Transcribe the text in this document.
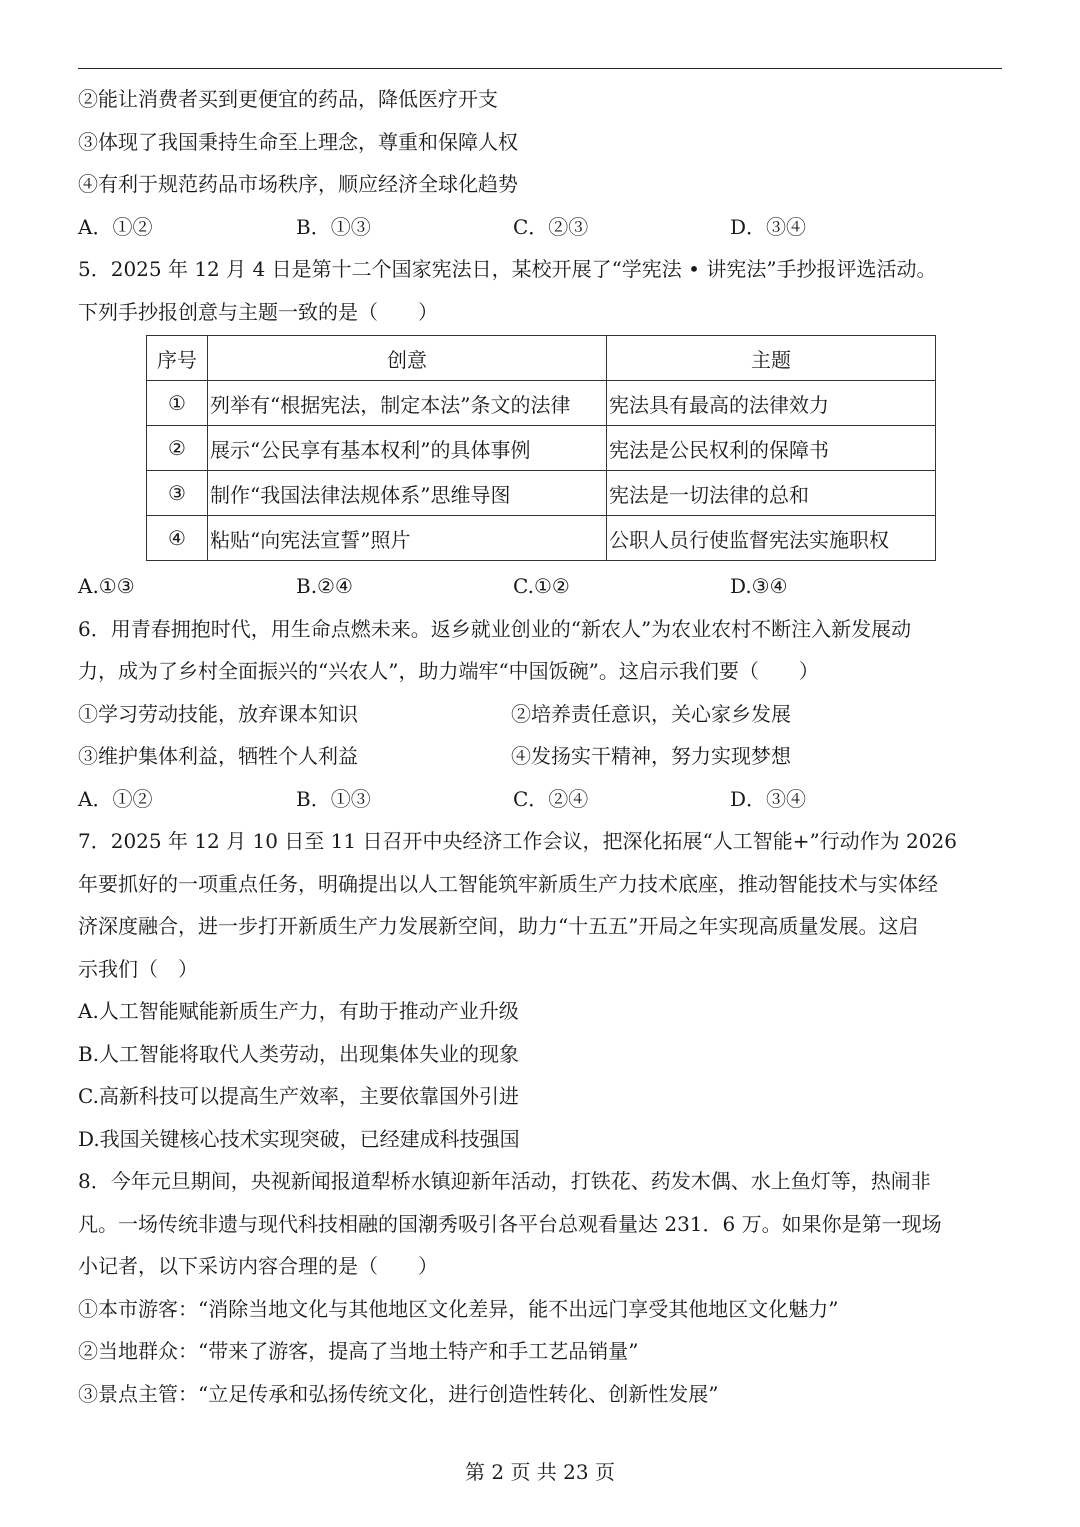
②能让消费者买到更便宜的药品，降低医疗开支
③体现了我国秉持生命至上理念，尊重和保障人权
④有利于规范药品市场秩序，顺应经济全球化趋势
A．①②	B．①③	C．②③	D．③④
5．2025 年 12 月 4 日是第十二个国家宪法日，某校开展了“学宪法 • 讲宪法”手抄报评选活动。
下列手抄报创意与主题一致的是（　　）
序号	创意	主题
①	列举有“根据宪法，制定本法”条文的法律	宪法具有最高的法律效力
②	展示“公民享有基本权利”的具体事例	宪法是公民权利的保障书
③	制作“我国法律法规体系”思维导图	宪法是一切法律的总和
④	粘贴“向宪法宣誓”照片	公职人员行使监督宪法实施职权
A.①③	B.②④	C.①②	D.③④
6．用青春拥抱时代，用生命点燃未来。返乡就业创业的“新农人”为农业农村不断注入新发展动
力，成为了乡村全面振兴的“兴农人”，助力端牢“中国饭碗”。这启示我们要（　　）
①学习劳动技能，放弃课本知识	②培养责任意识，关心家乡发展
③维护集体利益，牺牲个人利益	④发扬实干精神，努力实现梦想
A．①②	B．①③	C．②④	D．③④
7．2025 年 12 月 10 日至 11 日召开中央经济工作会议，把深化拓展“人工智能+”行动作为 2026
年要抓好的一项重点任务，明确提出以人工智能筑牢新质生产力技术底座，推动智能技术与实体经
济深度融合，进一步打开新质生产力发展新空间，助力“十五五”开局之年实现高质量发展。这启
示我们（　）
A.人工智能赋能新质生产力，有助于推动产业升级
B.人工智能将取代人类劳动，出现集体失业的现象
C.高新科技可以提高生产效率，主要依靠国外引进
D.我国关键核心技术实现突破，已经建成科技强国
8．今年元旦期间，央视新闻报道犁桥水镇迎新年活动，打铁花、药发木偶、水上鱼灯等，热闹非
凡。一场传统非遗与现代科技相融的国潮秀吸引各平台总观看量达 231．6 万。如果你是第一现场
小记者，以下采访内容合理的是（　　）
①本市游客：“消除当地文化与其他地区文化差异，能不出远门享受其他地区文化魅力”
②当地群众：“带来了游客，提高了当地土特产和手工艺品销量”
③景点主管：“立足传承和弘扬传统文化，进行创造性转化、创新性发展”
第 2 页 共 23 页
